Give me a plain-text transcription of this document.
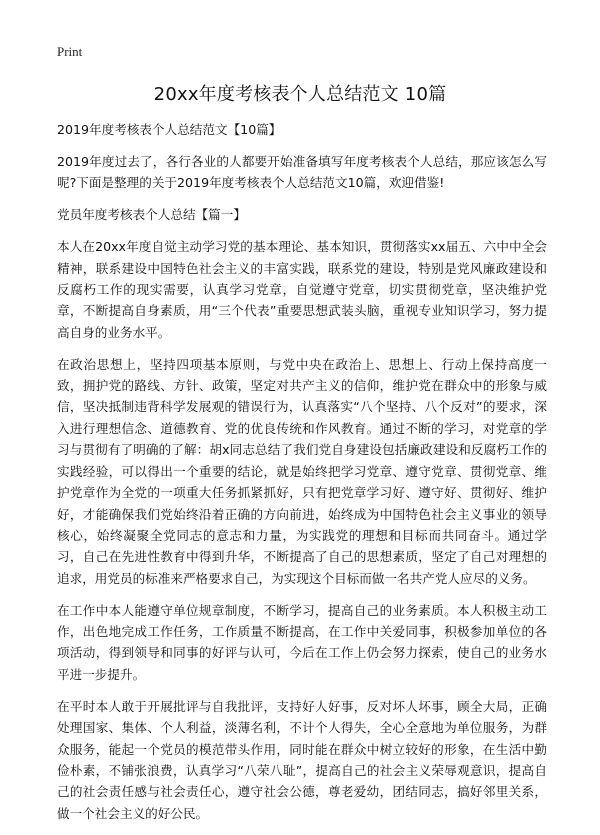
Print
20xx年度考核表个人总结范文 10篇

2019年度考核表个人总结范文【10篇】

2019年度过去了，各行各业的人都要开始准备填写年度考核表个人总结，那应该怎么写呢?下面是整理的关于2019年度考核表个人总结范文10篇，欢迎借鉴!

党员年度考核表个人总结【篇一】

本人在20xx年度自觉主动学习党的基本理论、基本知识，贯彻落实xx届五、六中中全会精神，联系建设中国特色社会主义的丰富实践，联系党的建设，特别是党风廉政建设和反腐朽工作的现实需要，认真学习党章，自觉遵守党章，切实贯彻党章，坚决维护党章，不断提高自身素质，用“三个代表”重要思想武装头脑，重视专业知识学习，努力提高自身的业务水平。

在政治思想上，坚持四项基本原则，与党中央在政治上、思想上、行动上保持高度一致，拥护党的路线、方针、政策，坚定对共产主义的信仰，维护党在群众中的形象与威信，坚决抵制违背科学发展观的错误行为，认真落实“八个坚持、八个反对”的要求，深入进行理想信念、道德教育、党的优良传统和作风教育。通过不断的学习，对党章的学习与贯彻有了明确的了解：胡x同志总结了我们党自身建设包括廉政建设和反腐朽工作的实践经验，可以得出一个重要的结论，就是始终把学习党章、遵守党章、贯彻党章、维护党章作为全党的一项重大任务抓紧抓好，只有把党章学习好、遵守好、贯彻好、维护好，才能确保我们党始终沿着正确的方向前进，始终成为中国特色社会主义事业的领导核心，始终凝聚全党同志的意志和力量，为实践党的理想和目标而共同奋斗。通过学习，自己在先进性教育中得到升华，不断提高了自己的思想素质，坚定了自己对理想的追求，用党员的标准来严格要求自己，为实现这个目标而做一名共产党人应尽的义务。

在工作中本人能遵守单位规章制度，不断学习，提高自己的业务素质。本人积极主动工作，出色地完成工作任务，工作质量不断提高，在工作中关爱同事，积极参加单位的各项活动，得到领导和同事的好评与认可，今后在工作上仍会努力探索，使自己的业务水平进一步提升。

在平时本人敢于开展批评与自我批评，支持好人好事，反对坏人坏事，顾全大局，正确处理国家、集体、个人利益，淡薄名利，不计个人得失，全心全意地为单位服务，为群众服务，能起一个党员的模范带头作用，同时能在群众中树立较好的形象，在生活中勤俭朴素，不铺张浪费，认真学习“八荣八耻”，提高自己的社会主义荣辱观意识，提高自己的社会责任感与社会责任心，遵守社会公德，尊老爱幼，团结同志，搞好邻里关系，做一个社会主义的好公民。
